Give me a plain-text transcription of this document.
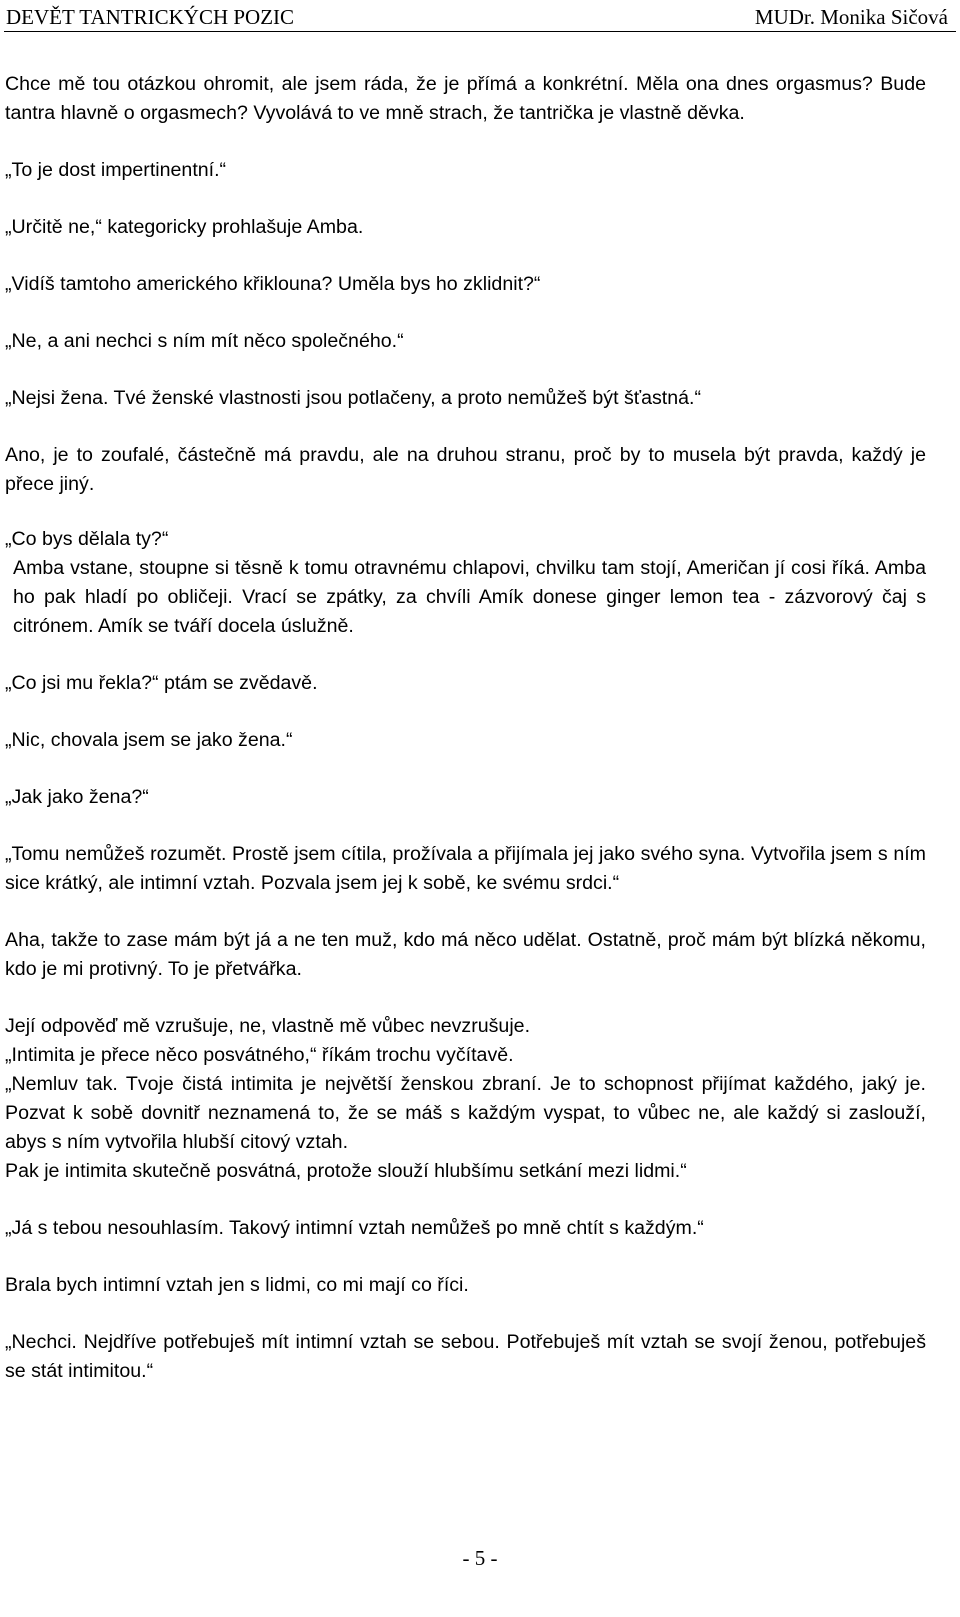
DEVĚT TANTRICKÝCH POZIC	MUDr. Monika Sičová

Chce mě tou otázkou ohromit, ale jsem ráda, že je přímá a konkrétní. Měla ona dnes orgasmus? Bude tantra hlavně o orgasmech? Vyvolává to ve mně strach, že tantrička je vlastně děvka.

„To je dost impertinentní.“

„Určitě ne,“ kategoricky prohlašuje Amba.

„Vidíš tamtoho amerického křiklouna? Uměla bys ho zklidnit?“

„Ne, a ani nechci s ním mít něco společného.“

„Nejsi žena. Tvé ženské vlastnosti jsou potlačeny, a proto nemůžeš být šťastná.“

Ano, je to zoufalé, částečně má pravdu, ale na druhou stranu, proč by to musela být pravda, každý je přece jiný.

„Co bys dělala ty?“

Amba vstane, stoupne si těsně k tomu otravnému chlapovi, chvilku tam stojí, Američan jí cosi říká. Amba ho pak hladí po obličeji. Vrací se zpátky, za chvíli Amík donese ginger lemon tea - zázvorový čaj s citrónem. Amík se tváří docela úslužně.

„Co jsi mu řekla?“ ptám se zvědavě.

„Nic, chovala jsem se jako žena.“

„Jak jako žena?“

„Tomu nemůžeš rozumět. Prostě jsem cítila, prožívala a přijímala jej jako svého syna. Vytvořila jsem s ním sice krátký, ale intimní vztah. Pozvala jsem jej k sobě, ke svému srdci.“

Aha, takže to zase mám být já a ne ten muž, kdo má něco udělat. Ostatně, proč mám být blízká někomu, kdo je mi protivný. To je přetvářka.

Její odpověď mě vzrušuje, ne, vlastně mě vůbec nevzrušuje.

„Intimita je přece něco posvátného,“ říkám trochu vyčítavě.

„Nemluv tak. Tvoje čistá intimita je největší ženskou zbraní. Je to schopnost přijímat každého, jaký je. Pozvat k sobě dovnitř neznamená to, že se máš s každým vyspat, to vůbec ne, ale každý si zaslouží, abys s ním vytvořila hlubší citový vztah.

Pak je intimita skutečně posvátná, protože slouží hlubšímu setkání mezi lidmi.“

„Já s tebou nesouhlasím. Takový intimní vztah nemůžeš po mně chtít s každým.“

Brala bych intimní vztah jen s lidmi, co mi mají co říci.

„Nechci. Nejdříve potřebuješ mít intimní vztah se sebou. Potřebuješ mít vztah se svojí ženou, potřebuješ se stát intimitou.“

- 5 -
